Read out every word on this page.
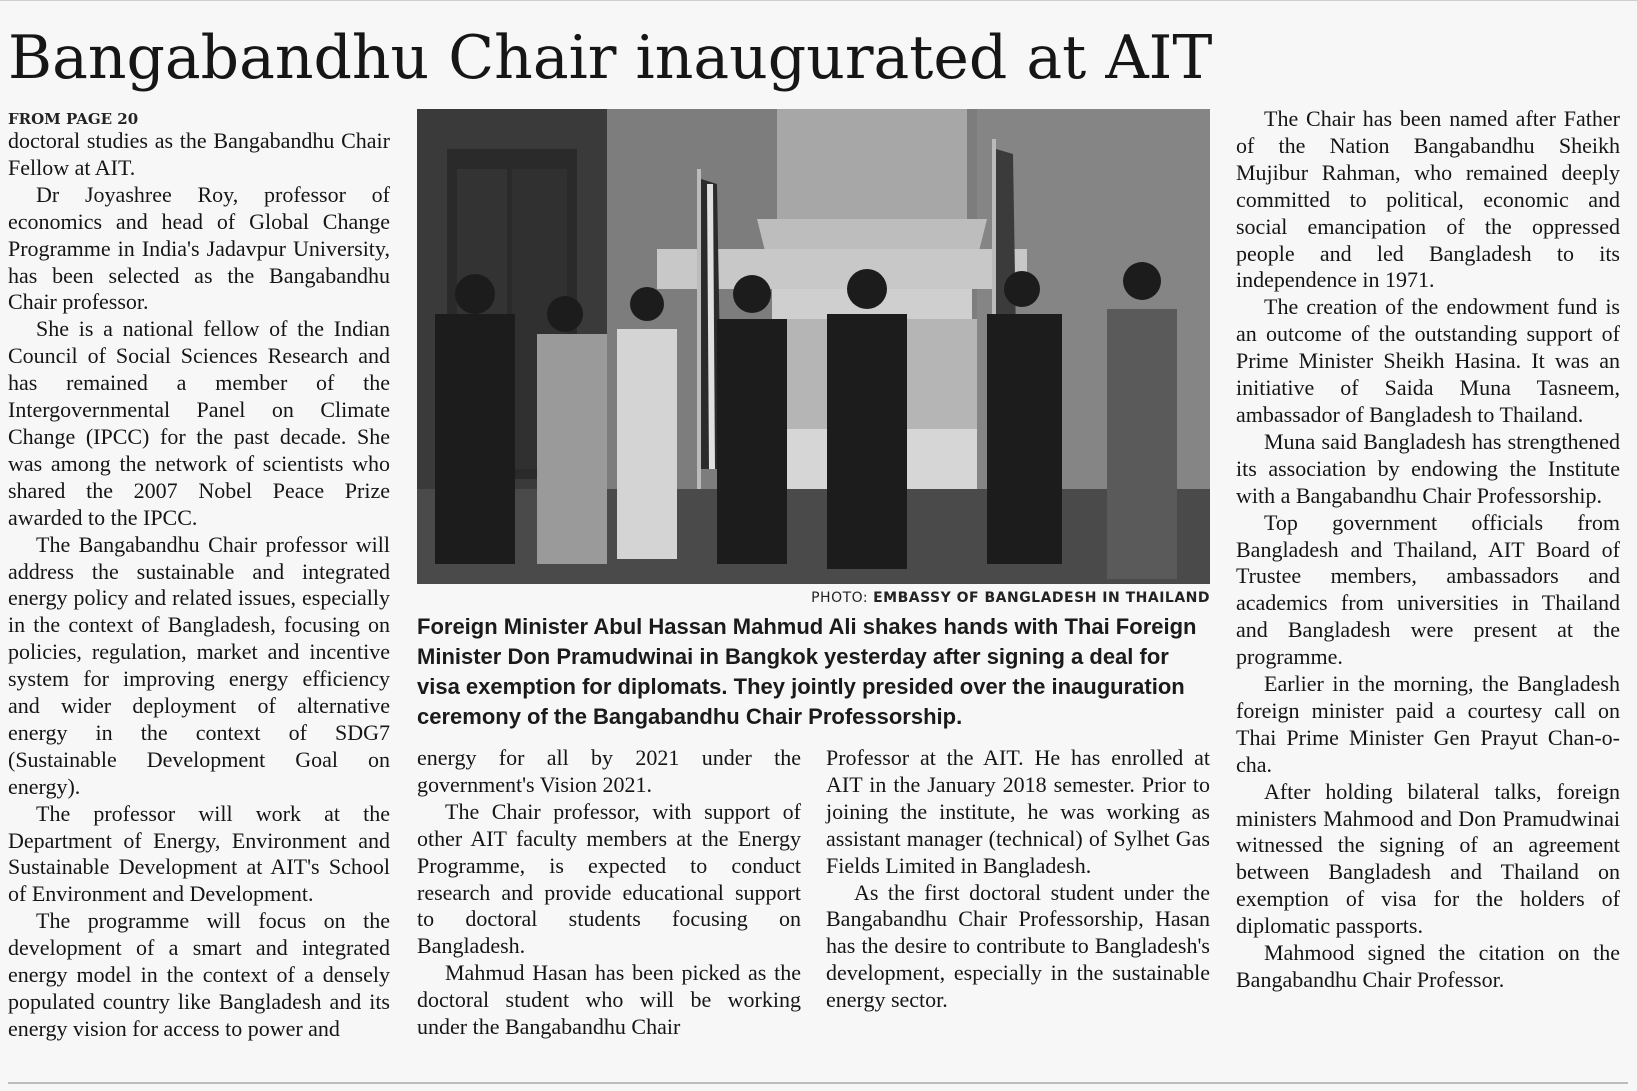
Bangabandhu Chair inaugurated at AIT
FROM PAGE 20

doctoral studies as the Bangabandhu Chair Fellow at AIT.

Dr Joyashree Roy, professor of economics and head of Global Change Programme in India's Jadavpur University, has been selected as the Bangabandhu Chair professor.

She is a national fellow of the Indian Council of Social Sciences Research and has remained a member of the Intergovernmental Panel on Climate Change (IPCC) for the past decade. She was among the network of scientists who shared the 2007 Nobel Peace Prize awarded to the IPCC.

The Bangabandhu Chair professor will address the sustainable and integrated energy policy and related issues, especially in the context of Bangladesh, focusing on policies, regulation, market and incentive system for improving energy efficiency and wider deployment of alternative energy in the context of SDG7 (Sustainable Development Goal on energy).

The professor will work at the Department of Energy, Environment and Sustainable Development at AIT's School of Environment and Development.

The programme will focus on the development of a smart and integrated energy model in the context of a densely populated country like Bangladesh and its energy vision for access to power and

PHOTO: EMBASSY OF BANGLADESH IN THAILAND
Foreign Minister Abul Hassan Mahmud Ali shakes hands with Thai Foreign Minister Don Pramudwinai in Bangkok yesterday after signing a deal for visa exemption for diplomats. They jointly presided over the inauguration ceremony of the Bangabandhu Chair Professorship.

energy for all by 2021 under the government's Vision 2021.

The Chair professor, with support of other AIT faculty members at the Energy Programme, is expected to conduct research and provide educational support to doctoral students focusing on Bangladesh.

Mahmud Hasan has been picked as the doctoral student who will be working under the Bangabandhu Chair

Professor at the AIT. He has enrolled at AIT in the January 2018 semester. Prior to joining the institute, he was working as assistant manager (technical) of Sylhet Gas Fields Limited in Bangladesh.

As the first doctoral student under the Bangabandhu Chair Professorship, Hasan has the desire to contribute to Bangladesh's development, especially in the sustainable energy sector.

The Chair has been named after Father of the Nation Bangabandhu Sheikh Mujibur Rahman, who remained deeply committed to political, economic and social emancipation of the oppressed people and led Bangladesh to its independence in 1971.

The creation of the endowment fund is an outcome of the outstanding support of Prime Minister Sheikh Hasina. It was an initiative of Saida Muna Tasneem, ambassador of Bangladesh to Thailand.

Muna said Bangladesh has strengthened its association by endowing the Institute with a Bangabandhu Chair Professorship.

Top government officials from Bangladesh and Thailand, AIT Board of Trustee members, ambassadors and academics from universities in Thailand and Bangladesh were present at the programme.

Earlier in the morning, the Bangladesh foreign minister paid a courtesy call on Thai Prime Minister Gen Prayut Chan-o-cha.

After holding bilateral talks, foreign ministers Mahmood and Don Pramudwinai witnessed the signing of an agreement between Bangladesh and Thailand on exemption of visa for the holders of diplomatic passports.

Mahmood signed the citation on the Bangabandhu Chair Professor.
